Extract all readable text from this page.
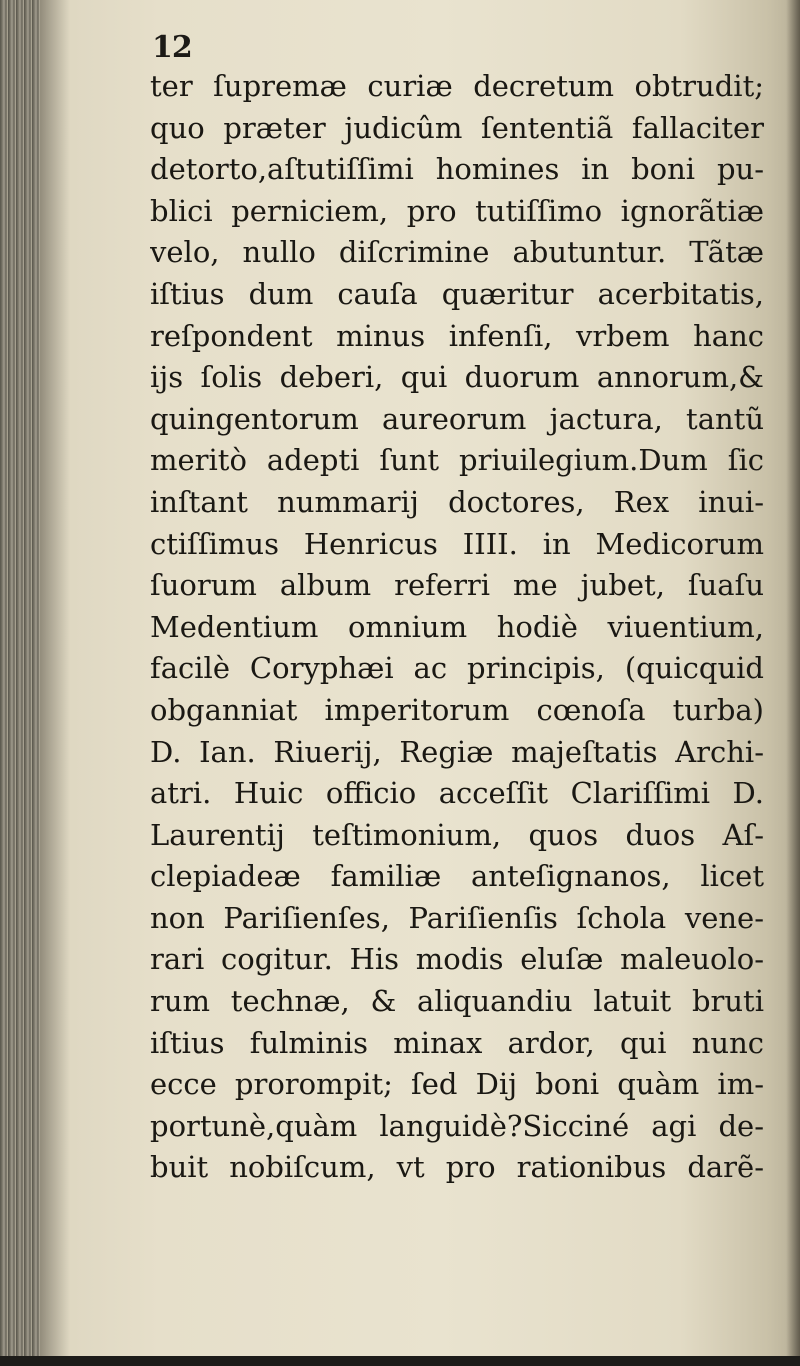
12
ter ſupremæ curiæ decretum obtrudit;
quo præter judicûm ſententiã fallaciter
detorto,aſtutiſſimi homines in boni pu-
blici perniciem, pro tutiſſimo ignorãtiæ
velo, nullo diſcrimine abutuntur. Tãtæ
iſtius dum cauſa quæritur acerbitatis,
reſpondent minus infenſi, vrbem hanc
ijs ſolis deberi, qui duorum annorum,&
quingentorum aureorum jactura, tantũ
meritò adepti ſunt priuilegium.Dum ſic
inſtant nummarij doctores, Rex inui-
ctiſſimus Henricus IIII. in Medicorum
ſuorum album referri me jubet, ſuaſu
Medentium omnium hodiè viuentium,
facilè Coryphæi ac principis, (quicquid
obganniat imperitorum cœnoſa turba)
D. Ian. Riuerij, Regiæ majeſtatis Archi-
atri. Huic officio acceſſit Clariſſimi D.
Laurentij teſtimonium, quos duos Aſ-
clepiadeæ familiæ anteſignanos, licet
non Pariſienſes, Pariſienſis ſchola vene-
rari cogitur. His modis eluſæ maleuolo-
rum technæ, & aliquandiu latuit bruti
iſtius fulminis minax ardor, qui nunc
ecce prorompit; ſed Dij boni quàm im-
portunè,quàm languidè?Sicciné agi de-
buit nobiſcum, vt pro rationibus darẽ-
